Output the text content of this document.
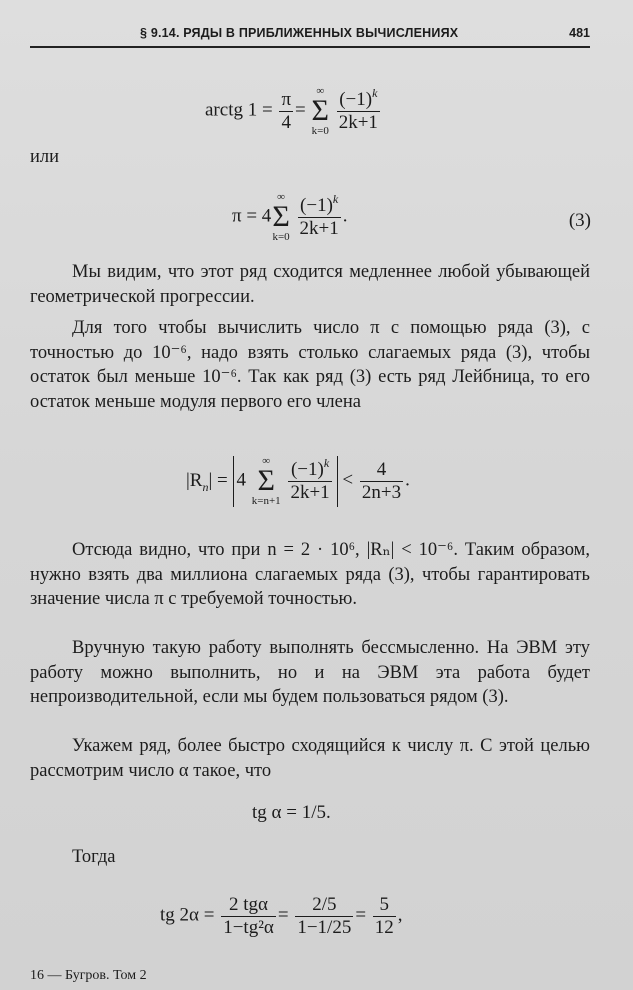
§ 9.14. РЯДЫ В ПРИБЛИЖЕННЫХ ВЫЧИСЛЕНИЯХ	481
arctg $1 = \frac{\pi}{4}$ =
∞
Σ
k=0
$\frac{(-1)^k}{2k+1}$

или

π = 4
∞
Σ
k=0
$\frac{(-1)^k}{2k+1}$ .	(3)

Мы видим, что этот ряд сходится медленнее любой убывающей геометрической прогрессии.

Для того чтобы вычислить число π с помощью ряда (3), с точностью до 10⁻⁶, надо взять столько слагаемых ряда (3), чтобы остаток был меньше 10⁻⁶. Так как ряд (3) есть ряд Лейбница, то его остаток меньше модуля первого его члена

$|R_n| = 4$
∞
Σ
k=n+1
$\frac{(-1)^k}{2k+1} < \frac{4}{2n+3}$ .

Отсюда видно, что при n = 2 · 10⁶, |Rₙ| < 10⁻⁶. Таким образом, нужно взять два миллиона слагаемых ряда (3), чтобы гарантировать значение числа π с требуемой точностью.

Вручную такую работу выполнять бессмысленно. На ЭВМ эту работу можно выполнить, но и на ЭВМ эта работа будет непроизводительной, если мы будем пользоваться рядом (3).

Укажем ряд, более быстро сходящийся к числу π. С этой целью рассмотрим число α такое, что

tg α = 1/5.

Тогда

tg $2\alpha = \frac{\text{2 tgα}}{\text{1−tg²α}} = \frac{2/5}{1-1/25} = \frac{5}{12}$ ,
16 — Бугров. Том 2
